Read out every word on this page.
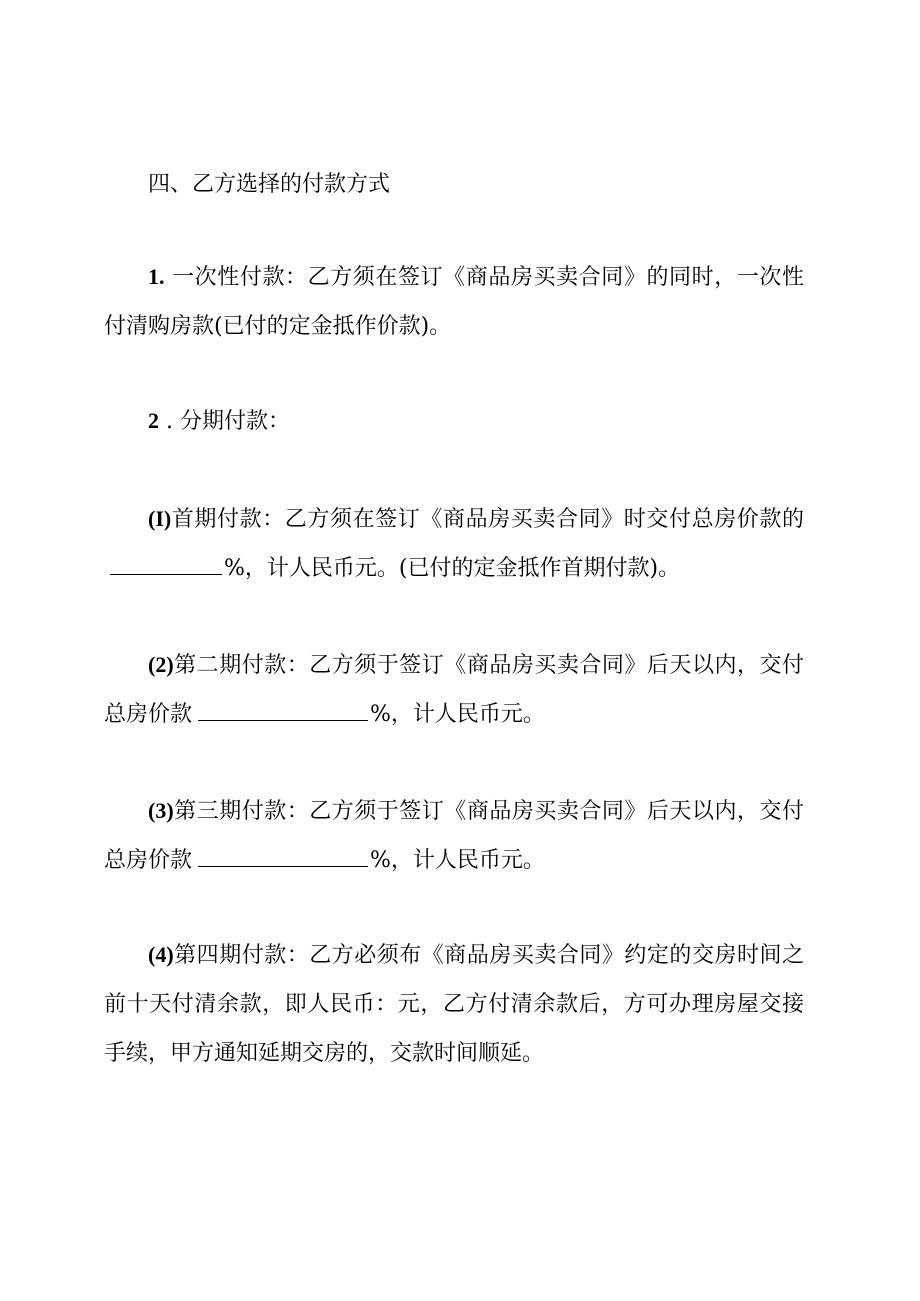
四、乙方选择的付款方式

1. 一次性付款：乙方须在签订《商品房买卖合同》的同时，一次性付清购房款(已付的定金抵作价款)。

2 . 分期付款：

(I)首期付款：乙方须在签订《商品房买卖合同》时交付总房价款的%，计人民币元。(已付的定金抵作首期付款)。

(2)第二期付款：乙方须于签订《商品房买卖合同》后天以内，交付总房价款	%，计人民币元。

(3)第三期付款：乙方须于签订《商品房买卖合同》后天以内，交付总房价款	%，计人民币元。

(4)第四期付款：乙方必须布《商品房买卖合同》约定的交房时间之前十天付清余款，即人民币：元，乙方付清余款后，方可办理房屋交接手续，甲方通知延期交房的，交款时间顺延。
